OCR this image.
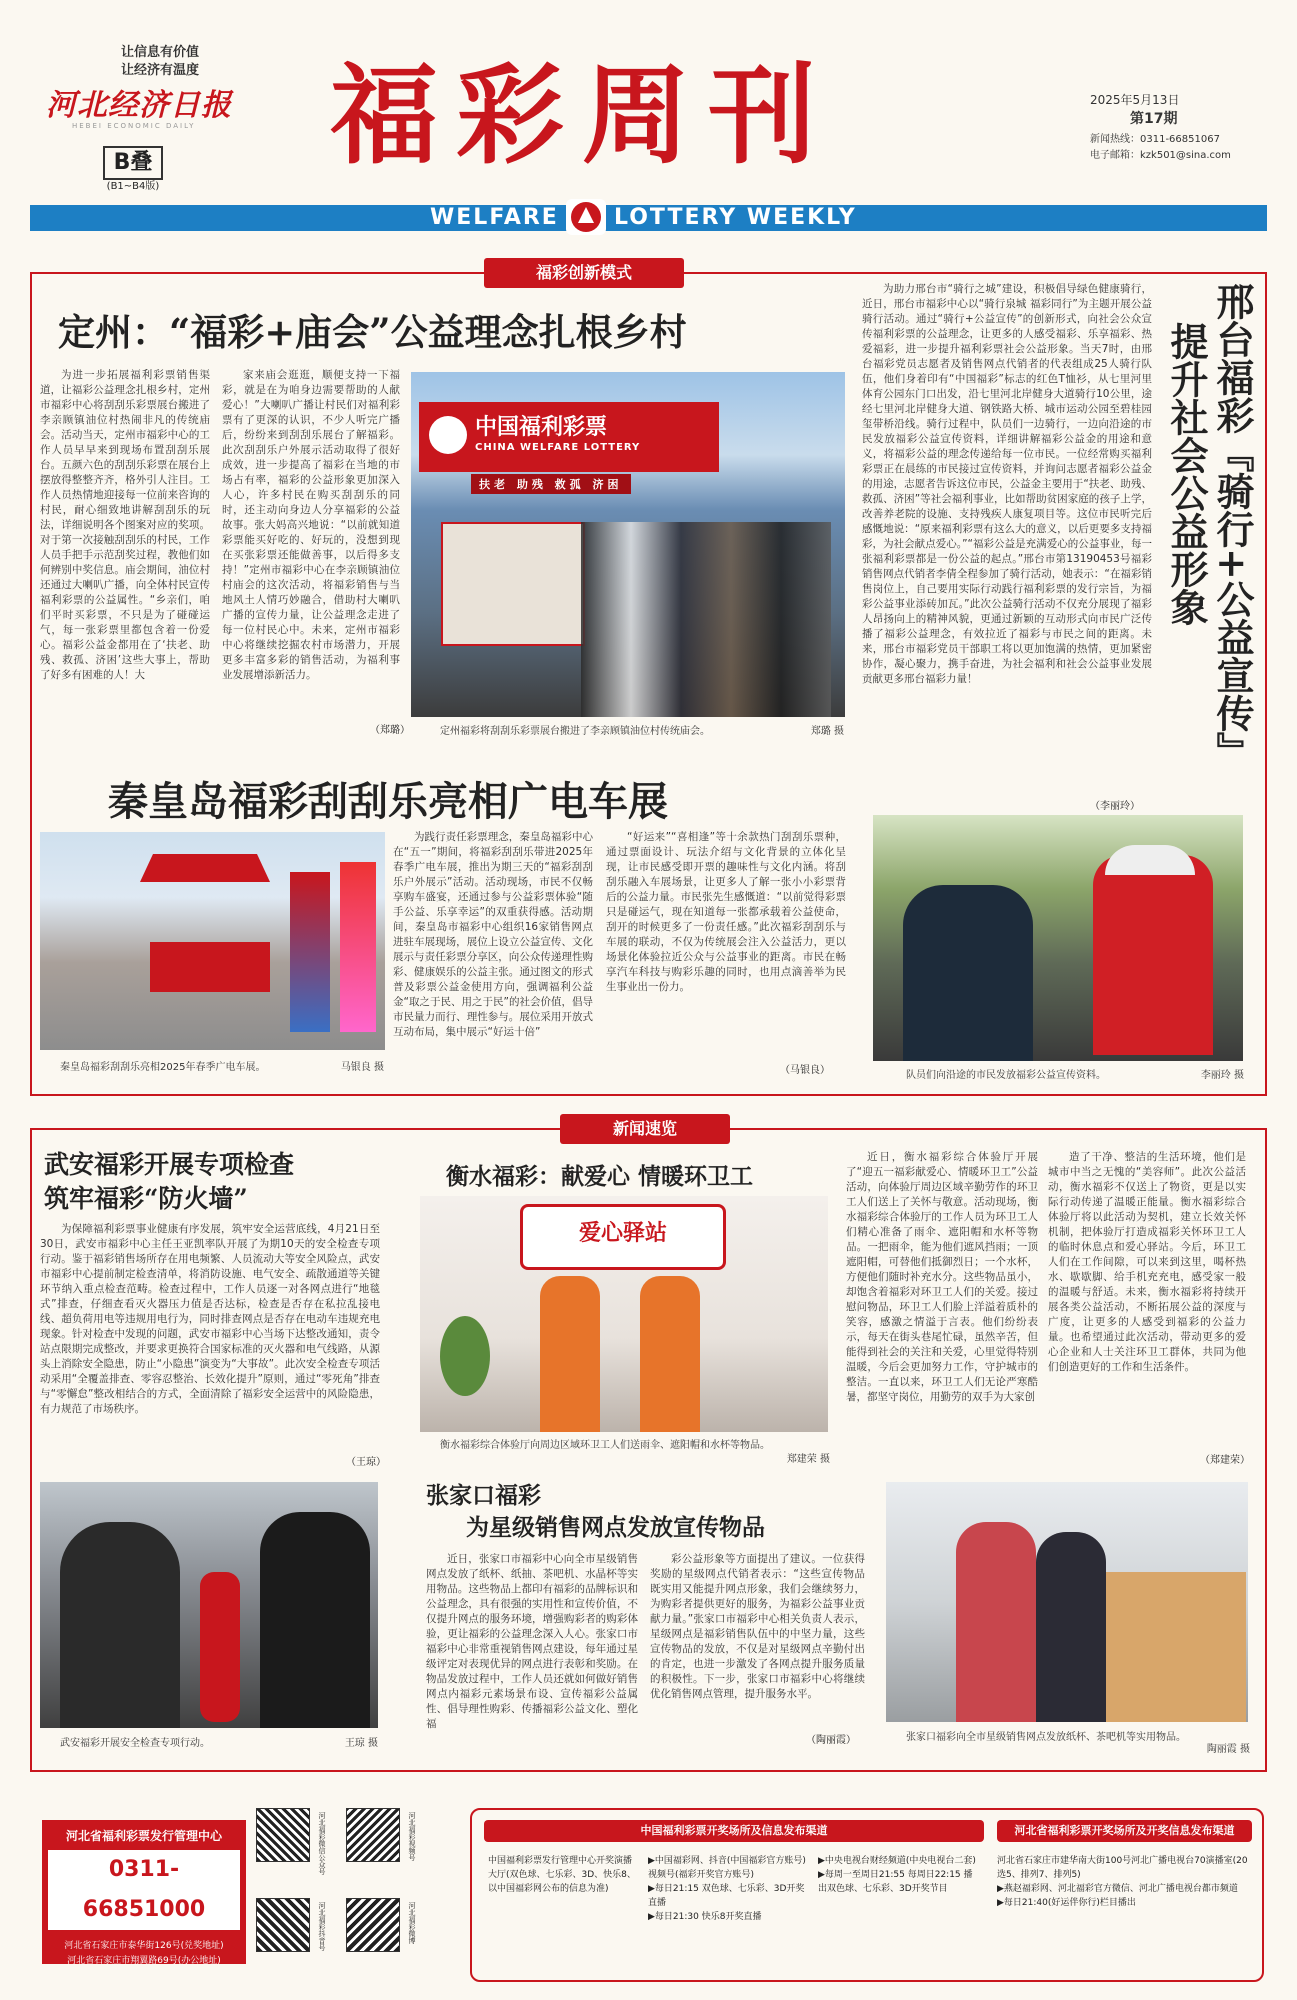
让信息有价值
让经济有温度
河北经济日报
HEBEI ECONOMIC DAILY
B叠
(B1~B4版)
福彩周刊	2025年5月13日
第17期
新闻热线：0311-66851067
电子邮箱：kzk501@sina.com
WELFARE	LOTTERY WEEKLY
福彩创新模式
定州：“福彩+庙会”公益理念扎根乡村

为进一步拓展福利彩票销售渠道，让福彩公益理念扎根乡村，定州市福彩中心将刮刮乐彩票展台搬进了李亲顾镇油位村热闹非凡的传统庙会。活动当天，定州市福彩中心的工作人员早早来到现场布置刮刮乐展台。五颜六色的刮刮乐彩票在展台上摆放得整整齐齐，格外引人注目。工作人员热情地迎接每一位前来咨询的村民，耐心细致地讲解刮刮乐的玩法，详细说明各个图案对应的奖项。对于第一次接触刮刮乐的村民，工作人员手把手示范刮奖过程，教他们如何辨别中奖信息。庙会期间，油位村还通过大喇叭广播，向全体村民宣传福利彩票的公益属性。“乡亲们，咱们平时买彩票，不只是为了碰碰运气，每一张彩票里都包含着一份爱心。福彩公益金都用在了‘扶老、助残、救孤、济困’这些大事上，帮助了好多有困难的人！大

家来庙会逛逛，顺便支持一下福彩，就是在为咱身边需要帮助的人献爱心！”大喇叭广播让村民们对福利彩票有了更深的认识，不少人听完广播后，纷纷来到刮刮乐展台了解福彩。此次刮刮乐户外展示活动取得了很好成效，进一步提高了福彩在当地的市场占有率，福彩的公益形象更加深入人心，许多村民在购买刮刮乐的同时，还主动向身边人分享福彩的公益故事。张大妈高兴地说：“以前就知道彩票能买好吃的、好玩的，没想到现在买张彩票还能做善事，以后得多支持！”定州市福彩中心在李亲顾镇油位村庙会的这次活动，将福彩销售与当地风土人情巧妙融合，借助村大喇叭广播的宣传力量，让公益理念走进了每一位村民心中。未来，定州市福彩中心将继续挖掘农村市场潜力，开展更多丰富多彩的销售活动，为福利事业发展增添新活力。

（郑璐）
中国福利彩票
CHINA WELFARE LOTTERY
扶老 助残 救孤 济困
定州福彩将刮刮乐彩票展台搬进了李亲顾镇油位村传统庙会。	郑璐 摄
秦皇岛福彩刮刮乐亮相广电车展
秦皇岛福彩刮刮乐亮相2025年春季广电车展。	马银良 摄

为践行责任彩票理念，秦皇岛福彩中心在“五一”期间，将福彩刮刮乐带进2025年春季广电车展，推出为期三天的“福彩刮刮乐户外展示”活动。活动现场，市民不仅畅享购车盛宴，还通过参与公益彩票体验“随手公益、乐享幸运”的双重获得感。活动期间，秦皇岛市福彩中心组织16家销售网点进驻车展现场，展位上设立公益宣传、文化展示与责任彩票分享区，向公众传递理性购彩、健康娱乐的公益主张。通过图文的形式普及彩票公益金使用方向，强调福利公益金“取之于民、用之于民”的社会价值，倡导市民量力而行、理性参与。展位采用开放式互动布局，集中展示“好运十倍”

“好运来”“喜相逢”等十余款热门刮刮乐票种，通过票面设计、玩法介绍与文化背景的立体化呈现，让市民感受即开票的趣味性与文化内涵。将刮刮乐融入车展场景，让更多人了解一张小小彩票背后的公益力量。市民张先生感慨道：“以前觉得彩票只是碰运气，现在知道每一张都承载着公益使命，刮开的时候更多了一份责任感。”此次福彩刮刮乐与车展的联动，不仅为传统展会注入公益活力，更以场景化体验拉近公众与公益事业的距离。市民在畅享汽车科技与购彩乐趣的同时，也用点滴善举为民生事业出一份力。

（马银良）

为助力邢台市“骑行之城”建设，积极倡导绿色健康骑行，近日，邢台市福彩中心以“骑行泉城 福彩同行”为主题开展公益骑行活动。通过“骑行+公益宣传”的创新形式，向社会公众宣传福利彩票的公益理念，让更多的人感受福彩、乐享福彩、热爱福彩，进一步提升福利彩票社会公益形象。当天7时，由邢台福彩党员志愿者及销售网点代销者的代表组成25人骑行队伍，他们身着印有“中国福彩”标志的红色T恤衫，从七里河里体育公园东门口出发，沿七里河北岸健身大道骑行10公里，途经七里河北岸健身大道、钢铁路大桥、城市运动公园至碧桂园玺带桥沿线。骑行过程中，队员们一边骑行，一边向沿途的市民发放福彩公益宣传资料，详细讲解福彩公益金的用途和意义，将福彩公益的理念传递给每一位市民。一位经常购买福利彩票正在晨练的市民接过宣传资料，并询问志愿者福彩公益金的用途，志愿者告诉这位市民，公益金主要用于“扶老、助残、救孤、济困”等社会福利事业，比如帮助贫困家庭的孩子上学，改善养老院的设施、支持残疾人康复项目等。这位市民听完后感慨地说：“原来福利彩票有这么大的意义，以后更要多支持福彩，为社会献点爱心。”“福彩公益是充满爱心的公益事业，每一张福利彩票都是一份公益的起点。”邢台市第13190453号福彩销售网点代销者李倩全程参加了骑行活动，她表示：“在福彩销售岗位上，自己要用实际行动践行福利彩票的发行宗旨，为福彩公益事业添砖加瓦。”此次公益骑行活动不仅充分展现了福彩人昂扬向上的精神风貌，更通过新颖的互动形式向市民广泛传播了福彩公益理念，有效拉近了福彩与市民之间的距离。未来，邢台市福彩党员干部职工将以更加饱满的热情，更加紧密协作，凝心聚力，携手奋进，为社会福利和社会公益事业发展贡献更多邢台福彩力量！

（李丽玲）
邢台福彩『骑行+公益宣传』
提升社会公益形象
队员们向沿途的市民发放福彩公益宣传资料。	李丽玲 摄
新闻速览
武安福彩开展专项检查
筑牢福彩“防火墙”

为保障福利彩票事业健康有序发展，筑牢安全运营底线，4月21日至30日，武安市福彩中心主任王亚凯率队开展了为期10天的安全检查专项行动。鉴于福彩销售场所存在用电频繁、人员流动大等安全风险点，武安市福彩中心提前制定检查清单，将消防设施、电气安全、疏散通道等关键环节纳入重点检查范畴。检查过程中，工作人员逐一对各网点进行“地毯式”排查，仔细查看灭火器压力值是否达标，检查是否存在私拉乱接电线、超负荷用电等违规用电行为，同时排查网点是否存在电动车违规充电现象。针对检查中发现的问题，武安市福彩中心当场下达整改通知，责令站点限期完成整改，并要求更换符合国家标准的灭火器和电气线路，从源头上消除安全隐患，防止“小隐患”演变为“大事故”。此次安全检查专项活动采用“全覆盖排查、零容忍整治、长效化提升”原则，通过“零死角”排查与“零懈怠”整改相结合的方式，全面清除了福彩安全运营中的风险隐患，有力规范了市场秩序。

（王琼）
武安福彩开展安全检查专项行动。	王琼 摄
衡水福彩：献爱心 情暖环卫工
爱心驿站
衡水福彩综合体验厅向周边区域环卫工人们送雨伞、遮阳帽和水杯等物品。
郑建荣 摄

近日，衡水福彩综合体验厅开展了“迎五一福彩献爱心、情暖环卫工”公益活动，向体验厅周边区域辛勤劳作的环卫工人们送上了关怀与敬意。活动现场，衡水福彩综合体验厅的工作人员为环卫工人们精心准备了雨伞、遮阳帽和水杯等物品。一把雨伞，能为他们遮风挡雨；一顶遮阳帽，可替他们抵御烈日；一个水杯，方便他们随时补充水分。这些物品虽小，却饱含着福彩对环卫工人们的关爱。接过慰问物品，环卫工人们脸上洋溢着质朴的笑容，感激之情溢于言表。他们纷纷表示，每天在街头巷尾忙碌，虽然辛苦，但能得到社会的关注和关爱，心里觉得特别温暖，今后会更加努力工作，守护城市的整洁。一直以来，环卫工人们无论严寒酷暑，都坚守岗位，用勤劳的双手为大家创

造了干净、整洁的生活环境，他们是城市中当之无愧的“美容师”。此次公益活动，衡水福彩不仅送上了物资，更是以实际行动传递了温暖正能量。衡水福彩综合体验厅将以此活动为契机，建立长效关怀机制，把体验厅打造成福彩关怀环卫工人的临时休息点和爱心驿站。今后，环卫工人们在工作间隙，可以来到这里，喝杯热水、歇歇脚、给手机充充电，感受家一般的温暖与舒适。未来，衡水福彩将持续开展各类公益活动，不断拓展公益的深度与广度，让更多的人感受到福彩的公益力量。也希望通过此次活动，带动更多的爱心企业和人士关注环卫工群体，共同为他们创造更好的工作和生活条件。

（郑建荣）
张家口福彩
为星级销售网点发放宣传物品

近日，张家口市福彩中心向全市星级销售网点发放了纸杯、纸抽、茶吧机、水晶杯等实用物品。这些物品上都印有福彩的品牌标识和公益理念，具有很强的实用性和宣传价值，不仅提升网点的服务环境，增强购彩者的购彩体验，更让福彩的公益理念深入人心。张家口市福彩中心非常重视销售网点建设，每年通过星级评定对表现优异的网点进行表彰和奖励。在物品发放过程中，工作人员还就如何做好销售网点内福彩元素场景布设、宣传福彩公益属性、倡导理性购彩、传播福彩公益文化、塑化福

彩公益形象等方面提出了建议。一位获得奖励的星级网点代销者表示：“这些宣传物品既实用又能提升网点形象，我们会继续努力，为购彩者提供更好的服务，为福彩公益事业贡献力量。”张家口市福彩中心相关负责人表示，星级网点是福彩销售队伍中的中坚力量，这些宣传物品的发放，不仅是对星级网点辛勤付出的肯定，也进一步激发了各网点提升服务质量的积极性。下一步，张家口市福彩中心将继续优化销售网点管理，提升服务水平。

（陶丽霞）	张家口福彩向全市星级销售网点发放纸杯、茶吧机等实用物品。
陶丽霞 摄
河北省福利彩票发行管理中心
0311-66851000
河北省石家庄市泰华街126号(兑奖地址)
河北省石家庄市翔翼路69号(办公地址)
河北福彩微信公众号	河北福彩视频号
河北福彩抖音号	河北福彩微博
中国福利彩票开奖场所及信息发布渠道	河北省福利彩票开奖场所及开奖信息发布渠道
中国福利彩票发行管理中心开奖演播大厅(双色球、七乐彩、3D、快乐8、以中国福彩网公布的信息为准)
▶中国福彩网、抖音(中国福彩官方账号)视频号(福彩开奖官方账号)
▶每日21:15 双色球、七乐彩、3D开奖直播
▶每日21:30 快乐8开奖直播
▶中央电视台财经频道(中央电视台二套)
▶每周一至周日21:55 每周日22:15 播出双色球、七乐彩、3D开奖节目
河北省石家庄市建华南大街100号河北广播电视台70演播室(20选5、排列7、排列5)
▶燕赵福彩网、河北福彩官方微信、河北广播电视台都市频道
▶每日21:40(好运伴你行)栏目播出
